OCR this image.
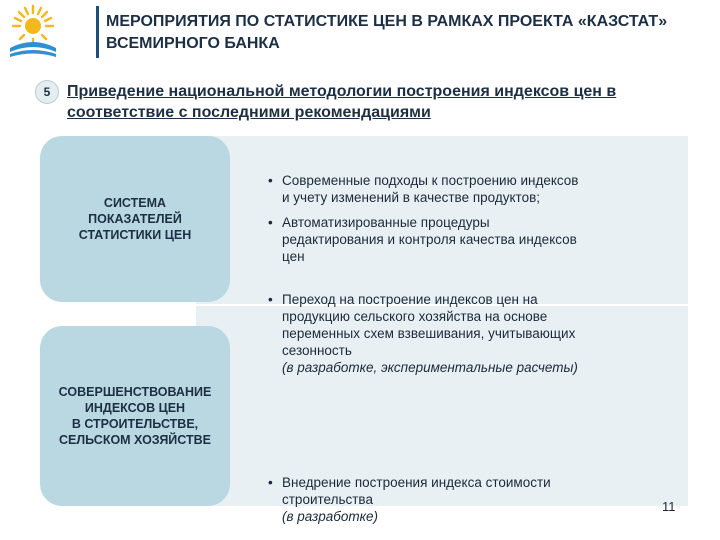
МЕРОПРИЯТИЯ ПО СТАТИСТИКЕ ЦЕН В РАМКАХ ПРОЕКТА «КАЗСТАТ»
ВСЕМИРНОГО БАНКА
5	Приведение национальной методологии построения индексов цен в
соответствие с последними рекомендациями
СИСТЕМА
ПОКАЗАТЕЛЕЙ
СТАТИСТИКИ ЦЕН
СОВЕРШЕНСТВОВАНИЕ
ИНДЕКСОВ ЦЕН
В СТРОИТЕЛЬСТВЕ,
СЕЛЬСКОМ ХОЗЯЙСТВЕ
• Современные подходы к построению индексов
и учету изменений в качестве продуктов;
• Автоматизированные процедуры
редактирования и контроля качества индексов
цен
• Переход на построение индексов цен на
продукцию сельского хозяйства на основе
переменных схем взвешивания, учитывающих
сезонность
(в разработке, экспериментальные расчеты)
• Внедрение построения индекса стоимости
строительства
(в разработке)
11
